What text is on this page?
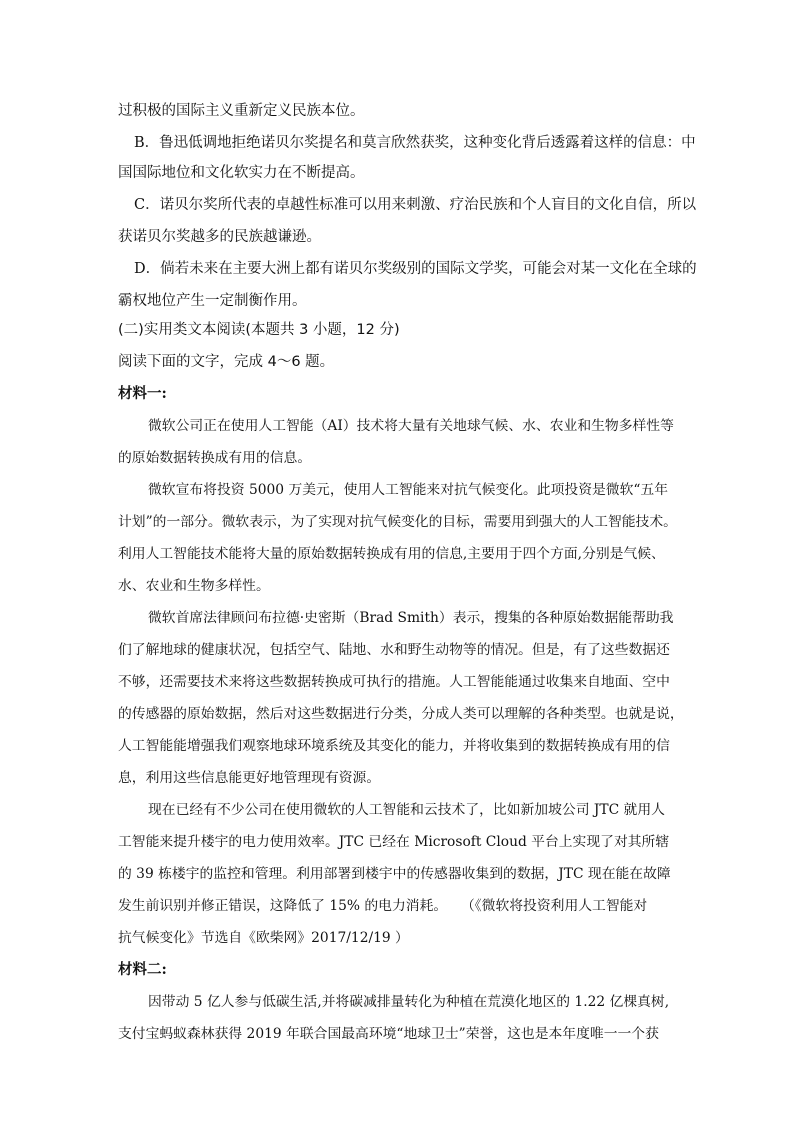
过积极的国际主义重新定义民族本位。
B．鲁迅低调地拒绝诺贝尔奖提名和莫言欣然获奖，这种变化背后透露着这样的信息：中
国国际地位和文化软实力在不断提高。
C．诺贝尔奖所代表的卓越性标准可以用来刺激、疗治民族和个人盲目的文化自信，所以
获诺贝尔奖越多的民族越谦逊。
D．倘若未来在主要大洲上都有诺贝尔奖级别的国际文学奖，可能会对某一文化在全球的
霸权地位产生一定制衡作用。
(二)实用类文本阅读(本题共 3 小题，12 分)
阅读下面的文字，完成 4～6 题。
材料一:
微软公司正在使用人工智能（AI）技术将大量有关地球气候、水、农业和生物多样性等
的原始数据转换成有用的信息。
微软宣布将投资 5000 万美元，使用人工智能来对抗气候变化。此项投资是微软“五年
计划”的一部分。微软表示，为了实现对抗气候变化的目标，需要用到强大的人工智能技术。
利用人工智能技术能将大量的原始数据转换成有用的信息,主要用于四个方面,分别是气候、
水、农业和生物多样性。
微软首席法律顾问布拉德·史密斯（Brad Smith）表示，搜集的各种原始数据能帮助我
们了解地球的健康状况，包括空气、陆地、水和野生动物等的情况。但是，有了这些数据还
不够，还需要技术来将这些数据转换成可执行的措施。人工智能能通过收集来自地面、空中
的传感器的原始数据，然后对这些数据进行分类，分成人类可以理解的各种类型。也就是说，
人工智能能增强我们观察地球环境系统及其变化的能力，并将收集到的数据转换成有用的信
息，利用这些信息能更好地管理现有资源。
现在已经有不少公司在使用微软的人工智能和云技术了，比如新加坡公司 JTC 就用人
工智能来提升楼宇的电力使用效率。JTC 已经在 Microsoft Cloud 平台上实现了对其所辖
的 39 栋楼宇的监控和管理。利用部署到楼宇中的传感器收集到的数据，JTC 现在能在故障
发生前识别并修正错误，这降低了 15% 的电力消耗。　　（《微软将投资利用人工智能对
抗气候变化》节选自《欧柴网》2017/12/19 ）
材料二:
因带动 5 亿人参与低碳生活,并将碳减排量转化为种植在荒漠化地区的 1.22 亿棵真树,
支付宝蚂蚁森林获得 2019 年联合国最高环境“地球卫士”荣誉，这也是本年度唯一一个获
